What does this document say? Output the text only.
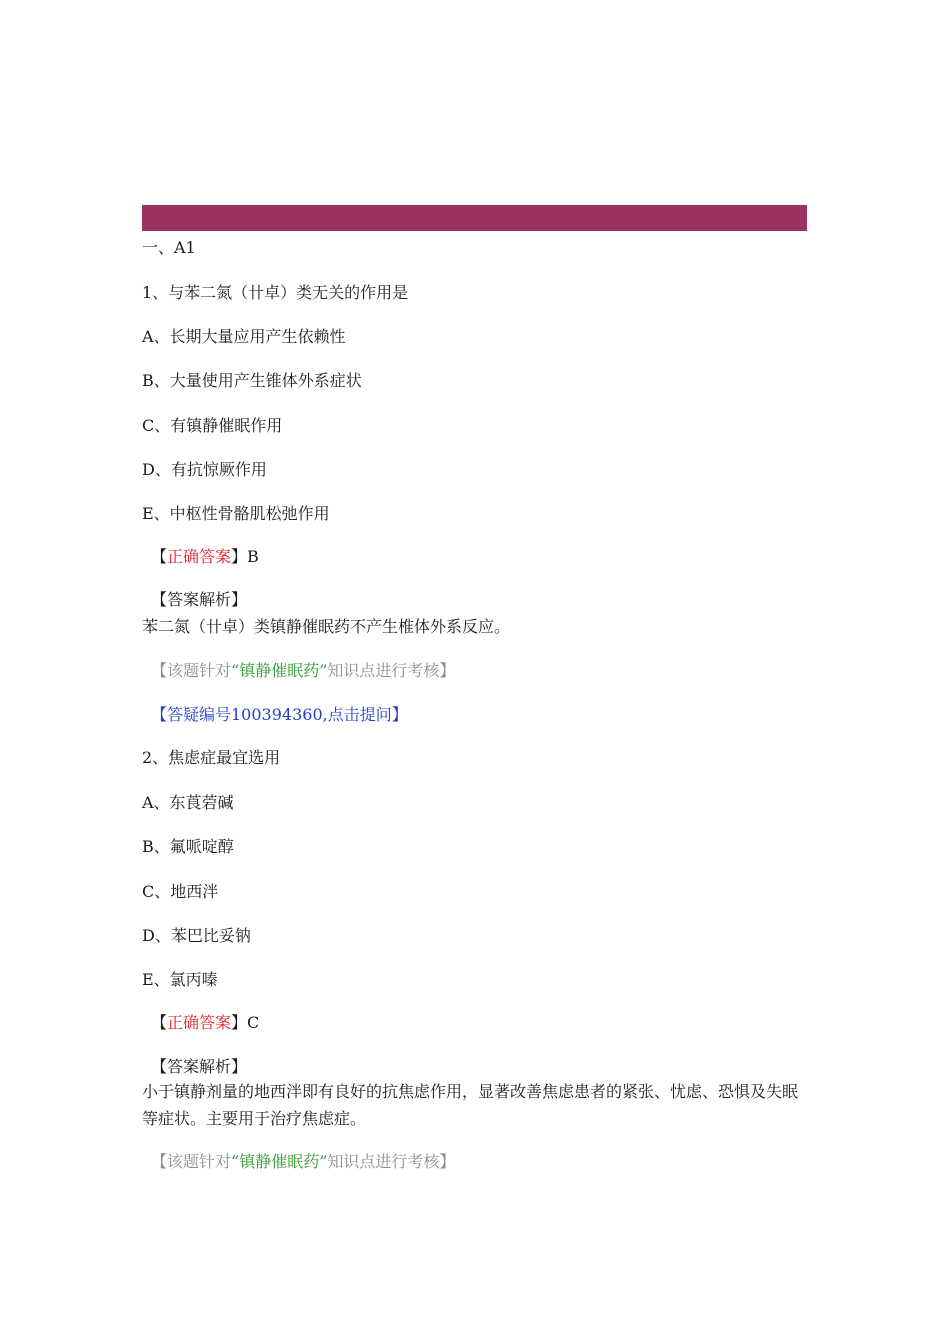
一、A1
1、与苯二氮（卄卓）类无关的作用是
A、长期大量应用产生依赖性
B、大量使用产生锥体外系症状
C、有镇静催眠作用
D、有抗惊厥作用
E、中枢性骨骼肌松弛作用
【正确答案】B
【答案解析】
苯二氮（卄卓）类镇静催眠药不产生椎体外系反应。
【该题针对“镇静催眠药”知识点进行考核】
【答疑编号100394360,点击提问】
2、焦虑症最宜选用
A、东莨菪碱
B、氟哌啶醇
C、地西泮
D、苯巴比妥钠
E、氯丙嗪
【正确答案】C
【答案解析】
小于镇静剂量的地西泮即有良好的抗焦虑作用，显著改善焦虑患者的紧张、忧虑、恐惧及失眠等症状。主要用于治疗焦虑症。
【该题针对“镇静催眠药”知识点进行考核】
